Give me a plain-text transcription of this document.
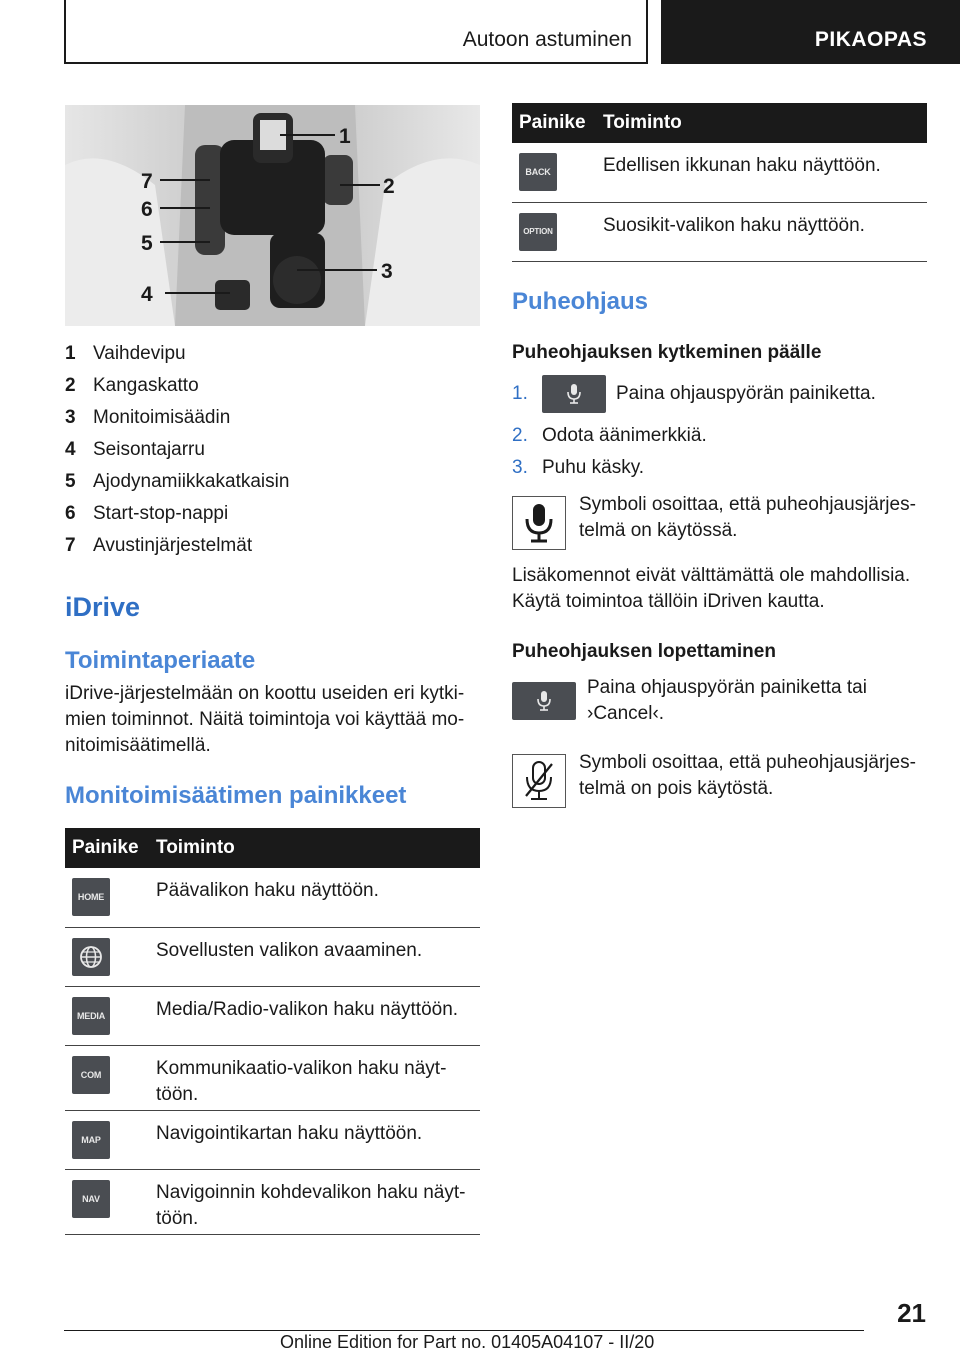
Autoon astuminen	PIKAOPAS
1
2
3
4
5
6
7
1 Vaihdevipu
2 Kangaskatto
3 Monitoimisäädin
4 Seisontajarru
5 Ajodynamiikkakatkaisin
6 Start-stop-nappi
7 Avustinjärjestelmät
iDrive
Toimintaperiaate
iDrive-järjestelmään on koottu useiden eri kytki-
mien toiminnot. Näitä toimintoja voi käyttää mo-
nitoimisäätimellä.
Monitoimisäätimen painikkeet
Painike	Toiminto

HOME	Päävalikon haku näyttöön.

Sovellusten valikon avaaminen.

MEDIA	Media/Radio-valikon haku näyttöön.

COM	Kommunikaatio-valikon haku näyt-
töön.

MAP	Navigointikartan haku näyttöön.

NAV	Navigoinnin kohdevalikon haku näyt-
töön.
Painike	Toiminto

BACK	Edellisen ikkunan haku näyttöön.

OPTION	Suosikit-valikon haku näyttöön.
Puheohjaus
Puheohjauksen kytkeminen päälle
1.	Paina ohjauspyörän painiketta.
2. Odota äänimerkkiä.
3. Puhu käsky.
Symboli osoittaa, että puheohjausjärjes-
telmä on käytössä.
Lisäkomennot eivät välttämättä ole mahdollisia.
Käytä toimintoa tällöin iDriven kautta.
Puheohjauksen lopettaminen
Paina ohjauspyörän painiketta tai
›Cancel‹.
Symboli osoittaa, että puheohjausjärjes-
telmä on pois käytöstä.
21
Online Edition for Part no. 01405A04107 - II/20
